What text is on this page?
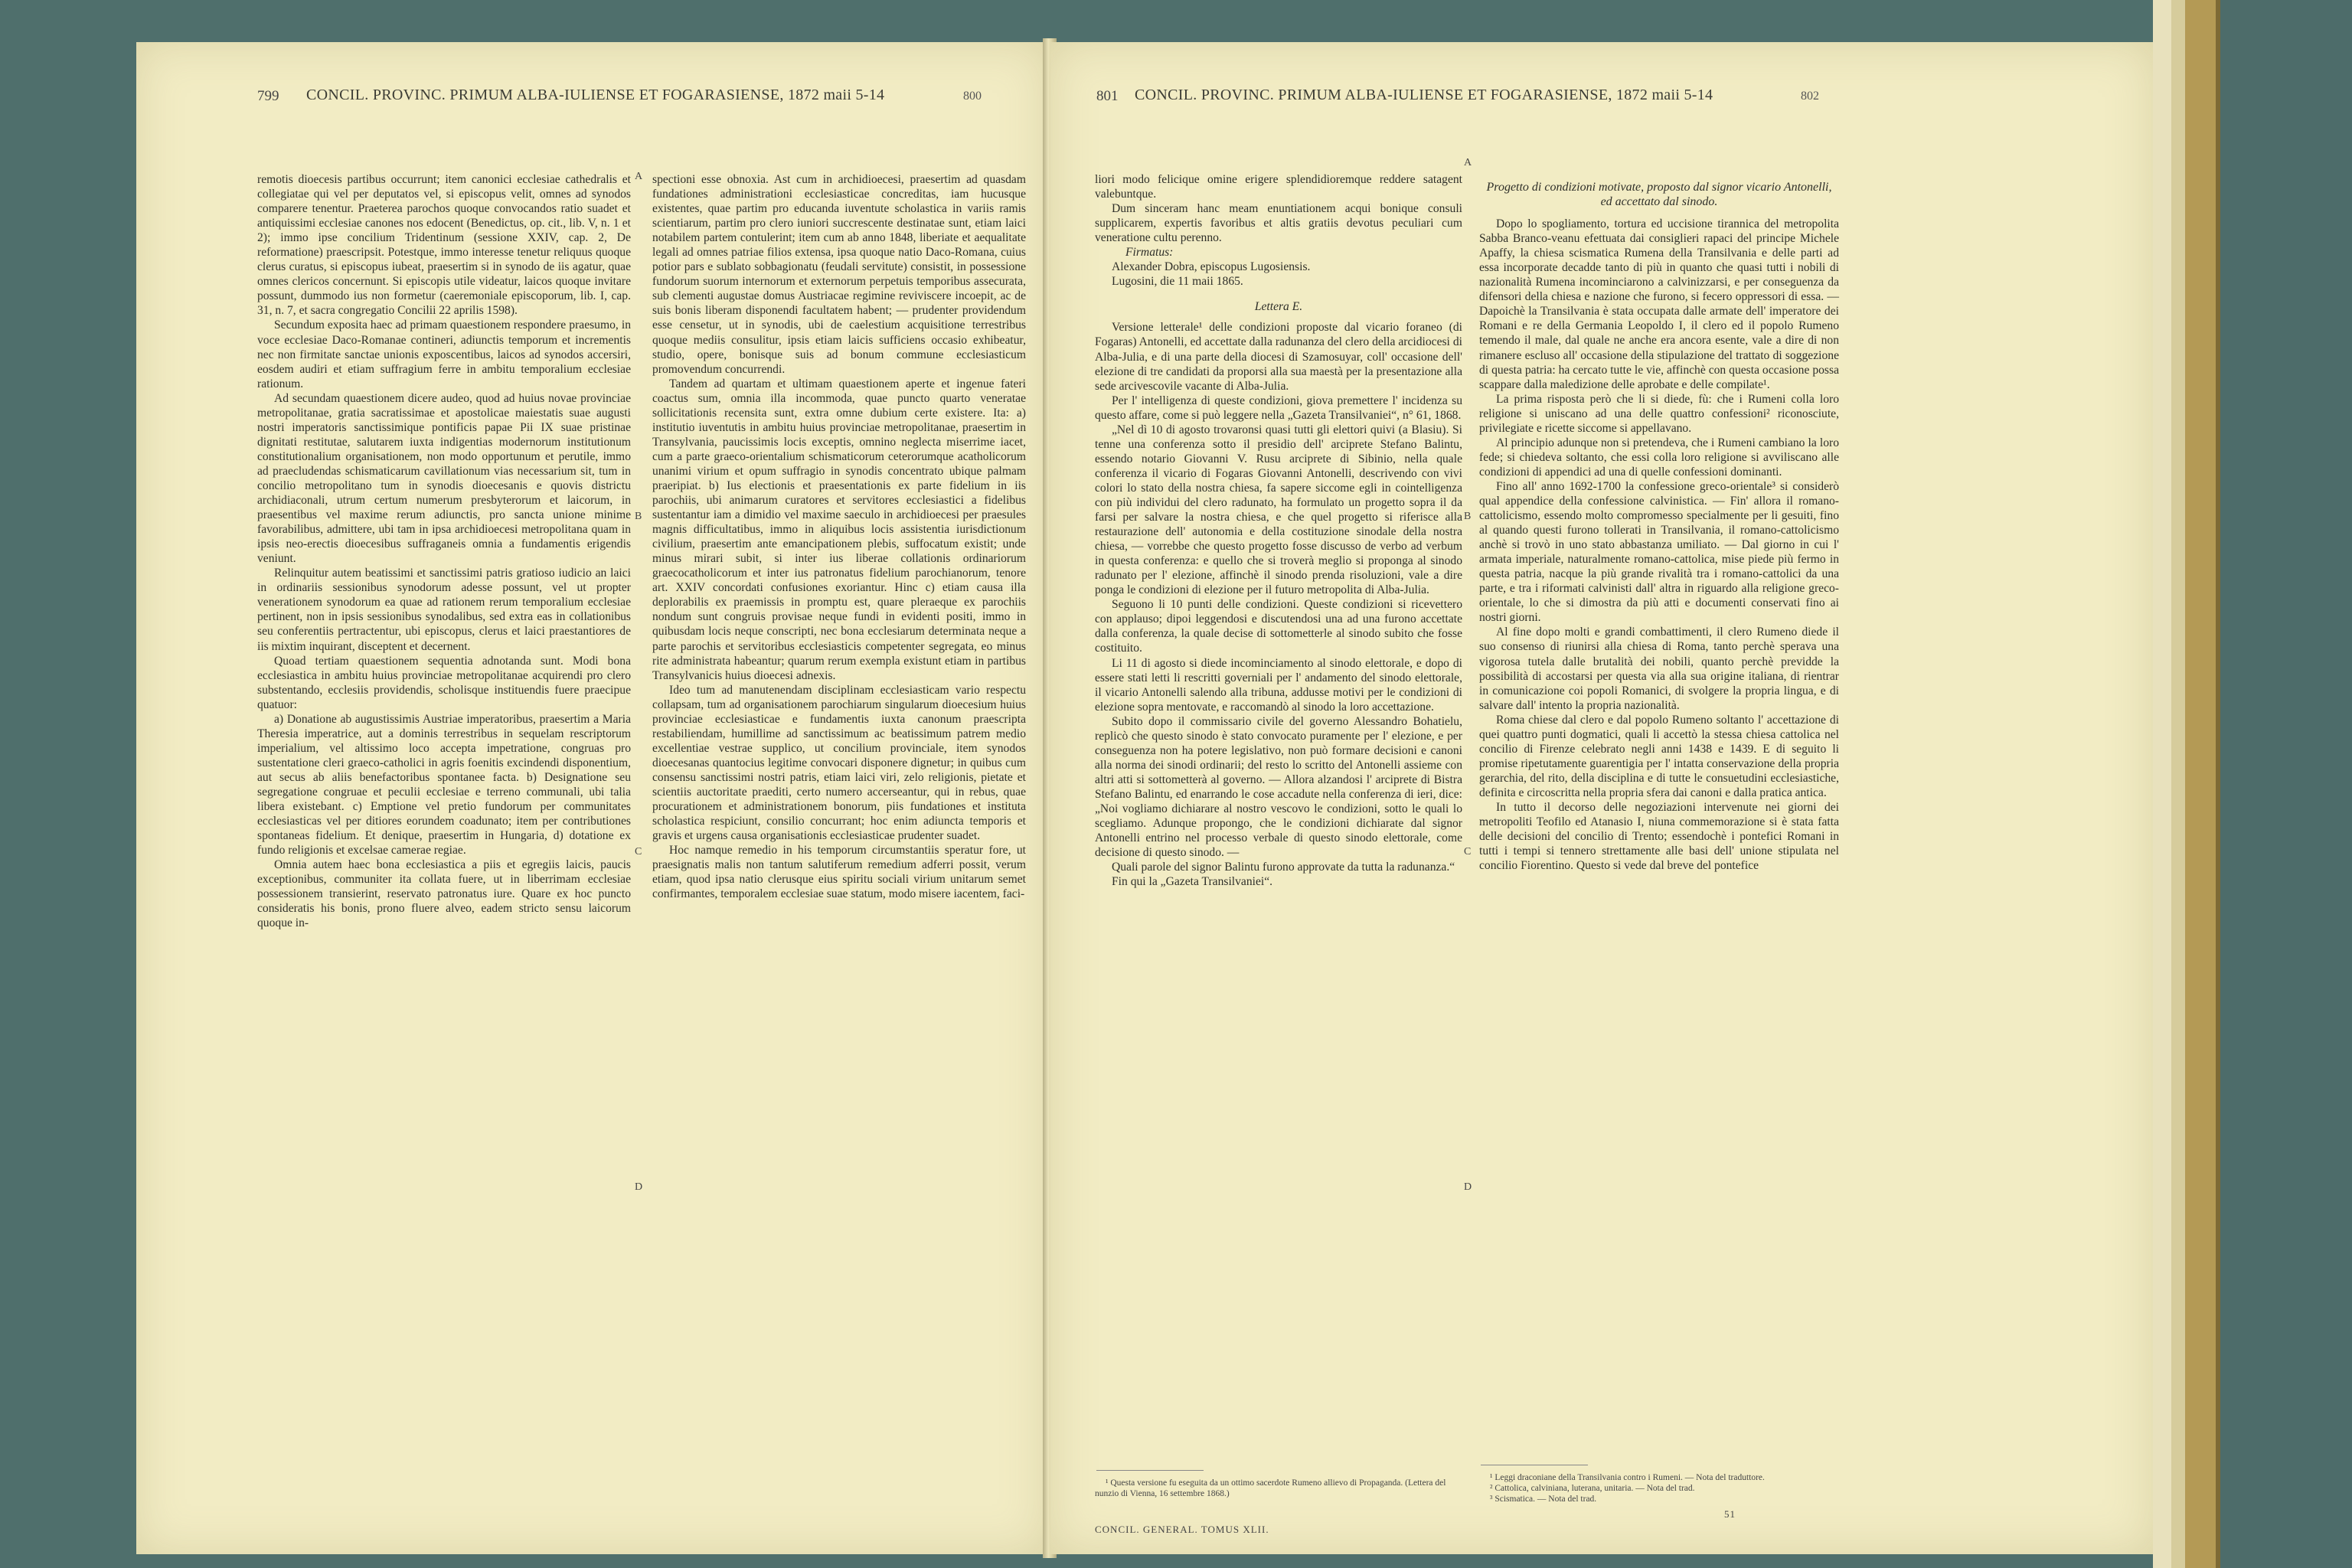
799 CONCIL. PROVINC. PRIMUM ALBA-IULIENSE ET FOGARASIENSE, 1872 maii 5-14	800

remotis dioecesis partibus occurrunt; item canonici ecclesiae cathedralis et collegiatae qui vel per deputatos vel, si episcopus velit, omnes ad synodos comparere tenentur. Praeterea parochos quoque convocandos ratio suadet et antiquissimi ecclesiae canones nos edocent (Benedictus, op. cit., lib. V, n. 1 et 2); immo ipse concilium Tridentinum (sessione XXIV, cap. 2, De reformatione) praescripsit. Potestque, immo interesse tenetur reliquus quoque clerus curatus, si episcopus iubeat, praesertim si in synodo de iis agatur, quae omnes clericos concernunt. Si episcopis utile videatur, laicos quoque invitare possunt, dummodo ius non formetur (caeremoniale episcoporum, lib. I, cap. 31, n. 7, et sacra congregatio Concilii 22 aprilis 1598).

Secundum exposita haec ad primam quaestionem respondere praesumo, in voce ecclesiae Daco-Romanae contineri, adiunctis temporum et incrementis nec non firmitate sanctae unionis exposcentibus, laicos ad synodos accersiri, eosdem audiri et etiam suffragium ferre in ambitu temporalium ecclesiae rationum.

Ad secundam quaestionem dicere audeo, quod ad huius novae provinciae metropolitanae, gratia sacratissimae et apostolicae maiestatis suae augusti nostri imperatoris sanctissimique pontificis papae Pii IX suae pristinae dignitati restitutae, salutarem iuxta indigentias modernorum institutionum constitutionalium organisationem, non modo opportunum et perutile, immo ad praecludendas schismaticarum cavillationum vias necessarium sit, tum in concilio metropolitano tum in synodis dioecesanis e quovis districtu archidiaconali, utrum certum numerum presbyterorum et laicorum, in praesentibus vel maxime rerum adiunctis, pro sancta unione minime favorabilibus, admittere, ubi tam in ipsa archidioecesi metropolitana quam in ipsis neo-erectis dioecesibus suffraganeis omnia a fundamentis erigendis veniunt.

Relinquitur autem beatissimi et sanctissimi patris gratioso iudicio an laici in ordinariis sessionibus synodorum adesse possunt, vel ut propter venerationem synodorum ea quae ad rationem rerum temporalium ecclesiae pertinent, non in ipsis sessionibus synodalibus, sed extra eas in collationibus seu conferentiis pertractentur, ubi episcopus, clerus et laici praestantiores de iis mixtim inquirant, disceptent et decernent.

Quoad tertiam quaestionem sequentia adnotanda sunt. Modi bona ecclesiastica in ambitu huius provinciae metropolitanae acquirendi pro clero substentando, ecclesiis providendis, scholisque instituendis fuere praecipue quatuor:

a) Donatione ab augustissimis Austriae imperatoribus, praesertim a Maria Theresia imperatrice, aut a dominis terrestribus in sequelam rescriptorum imperialium, vel altissimo loco accepta impetratione, congruas pro sustentatione cleri graeco-catholici in agris foenitis excindendi disponentium, aut secus ab aliis benefactoribus spontanee facta. b) Designatione seu segregatione congruae et peculii ecclesiae e terreno communali, ubi talia libera existebant. c) Emptione vel pretio fundorum per communitates ecclesiasticas vel per ditiores eorundem coadunato; item per contributiones spontaneas fidelium. Et denique, praesertim in Hungaria, d) dotatione ex fundo religionis et excelsae camerae regiae.

Omnia autem haec bona ecclesiastica a piis et egregiis laicis, paucis exceptionibus, communiter ita collata fuere, ut in liberrimam ecclesiae possessionem transierint, reservato patronatus iure. Quare ex hoc puncto consideratis his bonis, prono fluere alveo, eadem stricto sensu laicorum quoque in-

spectioni esse obnoxia. Ast cum in archidioecesi, praesertim ad quasdam fundationes administrationi ecclesiasticae concreditas, iam hucusque existentes, quae partim pro educanda iuventute scholastica in variis ramis scientiarum, partim pro clero iuniori succrescente destinatae sunt, etiam laici notabilem partem contulerint; item cum ab anno 1848, liberiate et aequalitate legali ad omnes patriae filios extensa, ipsa quoque natio Daco-Romana, cuius potior pars e sublato sobbagionatu (feudali servitute) consistit, in possessione fundorum suorum internorum et externorum perpetuis temporibus assecurata, sub clementi augustae domus Austriacae regimine reviviscere incoepit, ac de suis bonis liberam disponendi facultatem habent; — prudenter providendum esse censetur, ut in synodis, ubi de caelestium acquisitione terrestribus quoque mediis consulitur, ipsis etiam laicis sufficiens occasio exhibeatur, studio, opere, bonisque suis ad bonum commune ecclesiasticum promovendum concurrendi.

Tandem ad quartam et ultimam quaestionem aperte et ingenue fateri coactus sum, omnia illa incommoda, quae puncto quarto veneratae sollicitationis recensita sunt, extra omne dubium certe existere. Ita: a) institutio iuventutis in ambitu huius provinciae metropolitanae, praesertim in Transylvania, paucissimis locis exceptis, omnino neglecta miserrime iacet, cum a parte graeco-orientalium schismaticorum ceterorumque acatholicorum unanimi virium et opum suffragio in synodis concentrato ubique palmam praeripiat. b) Ius electionis et praesentationis ex parte fidelium in iis parochiis, ubi animarum curatores et servitores ecclesiastici a fidelibus sustentantur iam a dimidio vel maxime saeculo in archidioecesi per praesules magnis difficultatibus, immo in aliquibus locis assistentia iurisdictionum civilium, praesertim ante emancipationem plebis, suffocatum existit; unde minus mirari subit, si inter ius liberae collationis ordinariorum graecocatholicorum et inter ius patronatus fidelium parochianorum, tenore art. XXIV concordati confusiones exoriantur. Hinc c) etiam causa illa deplorabilis ex praemissis in promptu est, quare pleraeque ex parochiis nondum sunt congruis provisae neque fundi in evidenti positi, immo in quibusdam locis neque conscripti, nec bona ecclesiarum determinata neque a parte parochis et servitoribus ecclesiasticis competenter segregata, eo minus rite administrata habeantur; quarum rerum exempla existunt etiam in partibus Transylvanicis huius dioecesi adnexis.

Ideo tum ad manutenendam disciplinam ecclesiasticam vario respectu collapsam, tum ad organisationem parochiarum singularum dioecesium huius provinciae ecclesiasticae e fundamentis iuxta canonum praescripta restabiliendam, humillime ad sanctissimum ac beatissimum patrem medio excellentiae vestrae supplico, ut concilium provinciale, item synodos dioecesanas quantocius legitime convocari disponere dignetur; in quibus cum consensu sanctissimi nostri patris, etiam laici viri, zelo religionis, pietate et scientiis auctoritate praediti, certo numero accerseantur, qui in rebus, quae procurationem et administrationem bonorum, piis fundationes et instituta scholastica respiciunt, consilio concurrant; hoc enim adiuncta temporis et gravis et urgens causa organisationis ecclesiasticae prudenter suadet.

Hoc namque remedio in his temporum circumstantiis speratur fore, ut praesignatis malis non tantum salutiferum remedium adferri possit, verum etiam, quod ipsa natio clerusque eius spiritu sociali virium unitarum semet confirmantes, temporalem ecclesiae suae statum, modo misere iacentem, faci-

A
B
C
D
801 CONCIL. PROVINC. PRIMUM ALBA-IULIENSE ET FOGARASIENSE, 1872 maii 5-14	802

liori modo felicique omine erigere splendidioremque reddere satagent valebuntque.

Dum sinceram hanc meam enuntiationem acqui bonique consuli supplicarem, expertis favoribus et altis gratiis devotus peculiari cum veneratione cultu perenno.

Firmatus:

Alexander Dobra, episcopus Lugosiensis.

Lugosini, die 11 maii 1865.

Lettera E.

Versione letterale¹ delle condizioni proposte dal vicario foraneo (di Fogaras) Antonelli, ed accettate dalla radunanza del clero della arcidiocesi di Alba-Julia, e di una parte della diocesi di Szamosuyar, coll' occasione dell' elezione di tre candidati da proporsi alla sua maestà per la presentazione alla sede arcivescovile vacante di Alba-Julia.

Per l' intelligenza di queste condizioni, giova premettere l' incidenza su questo affare, come si può leggere nella „Gazeta Transilvaniei“, n° 61, 1868.

„Nel dì 10 di agosto trovaronsi quasi tutti gli elettori quivi (a Blasiu). Si tenne una conferenza sotto il presidio dell' arciprete Stefano Balintu, essendo notario Giovanni V. Rusu arciprete di Sibinio, nella quale conferenza il vicario di Fogaras Giovanni Antonelli, descrivendo con vivi colori lo stato della nostra chiesa, fa sapere siccome egli in cointelligenza con più individui del clero radunato, ha formulato un progetto sopra il da farsi per salvare la nostra chiesa, e che quel progetto si riferisce alla restaurazione dell' autonomia e della costituzione sinodale della nostra chiesa, — vorrebbe che questo progetto fosse discusso de verbo ad verbum in questa conferenza: e quello che si troverà meglio si proponga al sinodo radunato per l' elezione, affinchè il sinodo prenda risoluzioni, vale a dire ponga le condizioni di elezione per il futuro metropolita di Alba-Julia.

Seguono li 10 punti delle condizioni. Queste condizioni si ricevettero con applauso; dipoi leggendosi e discutendosi una ad una furono accettate dalla conferenza, la quale decise di sottometterle al sinodo subito che fosse costituito.

Li 11 di agosto si diede incominciamento al sinodo elettorale, e dopo di essere stati letti li rescritti governiali per l' andamento del sinodo elettorale, il vicario Antonelli salendo alla tribuna, addusse motivi per le condizioni di elezione sopra mentovate, e raccomandò al sinodo la loro accettazione.

Subito dopo il commissario civile del governo Alessandro Bohatielu, replicò che questo sinodo è stato convocato puramente per l' elezione, e per conseguenza non ha potere legislativo, non può formare decisioni e canoni alla norma dei sinodi ordinarii; del resto lo scritto del Antonelli assieme con altri atti si sottometterà al governo. — Allora alzandosi l' arciprete di Bistra Stefano Balintu, ed enarrando le cose accadute nella conferenza di ieri, dice: „Noi vogliamo dichiarare al nostro vescovo le condizioni, sotto le quali lo scegliamo. Adunque propongo, che le condizioni dichiarate dal signor Antonelli entrino nel processo verbale di questo sinodo elettorale, come decisione di questo sinodo. —

Quali parole del signor Balintu furono approvate da tutta la radunanza.“

Fin qui la „Gazeta Transilvaniei“.

Progetto di condizioni motivate, proposto dal signor vicario Antonelli, ed accettato dal sinodo.

Dopo lo spogliamento, tortura ed uccisione tirannica del metropolita Sabba Branco-veanu efettuata dai consiglieri rapaci del principe Michele Apaffy, la chiesa scismatica Rumena della Transilvania e delle parti ad essa incorporate decadde tanto di più in quanto che quasi tutti i nobili di nazionalità Rumena incominciarono a calvinizzarsi, e per conseguenza da difensori della chiesa e nazione che furono, si fecero oppressori di essa. — Dapoichè la Transilvania è stata occupata dalle armate dell' imperatore dei Romani e re della Germania Leopoldo I, il clero ed il popolo Rumeno temendo il male, dal quale ne anche era ancora esente, vale a dire di non rimanere escluso all' occasione della stipulazione del trattato di soggezione di questa patria: ha cercato tutte le vie, affinchè con questa occasione possa scappare dalla maledizione delle aprobate e delle compilate¹.

La prima risposta però che li si diede, fù: che i Rumeni colla loro religione si uniscano ad una delle quattro confessioni² riconosciute, privilegiate e ricette siccome si appellavano.

Al principio adunque non si pretendeva, che i Rumeni cambiano la loro fede; si chiedeva soltanto, che essi colla loro religione si avviliscano alle condizioni di appendici ad una di quelle confessioni dominanti.

Fino all' anno 1692-1700 la confessione greco-orientale³ si considerò qual appendice della confessione calvinistica. — Fin' allora il romano-cattolicismo, essendo molto compromesso specialmente per li gesuiti, fino al quando questi furono tollerati in Transilvania, il romano-cattolicismo anchè si trovò in uno stato abbastanza umiliato. — Dal giorno in cui l' armata imperiale, naturalmente romano-cattolica, mise piede più fermo in questa patria, nacque la più grande rivalità tra i romano-cattolici da una parte, e tra i riformati calvinisti dall' altra in riguardo alla religione greco-orientale, lo che si dimostra da più atti e documenti conservati fino ai nostri giorni.

Al fine dopo molti e grandi combattimenti, il clero Rumeno diede il suo consenso di riunirsi alla chiesa di Roma, tanto perchè sperava una vigorosa tutela dalle brutalità dei nobili, quanto perchè previdde la possibilità di accostarsi per questa via alla sua origine italiana, di rientrar in comunicazione coi popoli Romanici, di svolgere la propria lingua, e di salvare dall' intento la propria nazionalità.

Roma chiese dal clero e dal popolo Rumeno soltanto l' accettazione di quei quattro punti dogmatici, quali li accettò la stessa chiesa cattolica nel concilio di Firenze celebrato negli anni 1438 e 1439. E di seguito li promise ripetutamente guarentigia per l' intatta conservazione della propria gerarchia, del rito, della disciplina e di tutte le consuetudini ecclesiastiche, definita e circoscritta nella propria sfera dai canoni e dalla pratica antica.

In tutto il decorso delle negoziazioni intervenute nei giorni dei metropoliti Teofilo ed Atanasio I, niuna commemorazione si è stata fatta delle decisioni del concilio di Trento; essendochè i pontefici Romani in tutti i tempi si tennero strettamente alle basi dell' unione stipulata nel concilio Fiorentino. Questo si vede dal breve del pontefice

A
B
C
D

¹ Questa versione fu eseguita da un ottimo sacerdote Rumeno allievo di Propaganda. (Lettera del nunzio di Vienna, 16 settembre 1868.)

CONCIL. GENERAL. TOMUS XLII.

¹ Leggi draconiane della Transilvania contro i Rumeni. — Nota del traduttore.

² Cattolica, calviniana, luterana, unitaria. — Nota del trad.

³ Scismatica. — Nota del trad.

51
